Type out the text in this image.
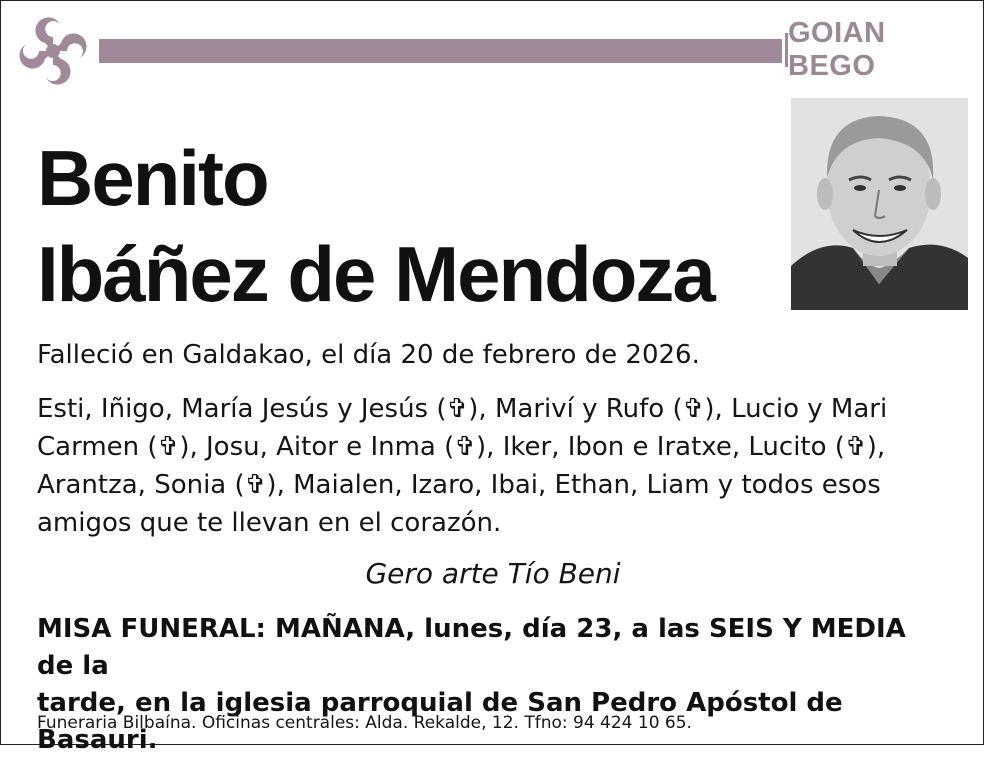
GOIAN BEGO
Benito
Ibáñez de Mendoza

Falleció en Galdakao, el día 20 de febrero de 2026.

Esti, Iñigo, María Jesús y Jesús (✞), Mariví y Rufo (✞), Lucio y Mari
Carmen (✞), Josu, Aitor e Inma (✞), Iker, Ibon e Iratxe, Lucito (✞),
Arantza, Sonia (✞), Maialen, Izaro, Ibai, Ethan, Liam y todos esos
amigos que te llevan en el corazón.

Gero arte Tío Beni

MISA FUNERAL: MAÑANA, lunes, día 23, a las SEIS Y MEDIA de la
tarde, en la iglesia parroquial de San Pedro Apóstol de Basauri.

Funeraria Bilbaína. Oficinas centrales: Alda. Rekalde, 12. Tfno: 94 424 10 65.
